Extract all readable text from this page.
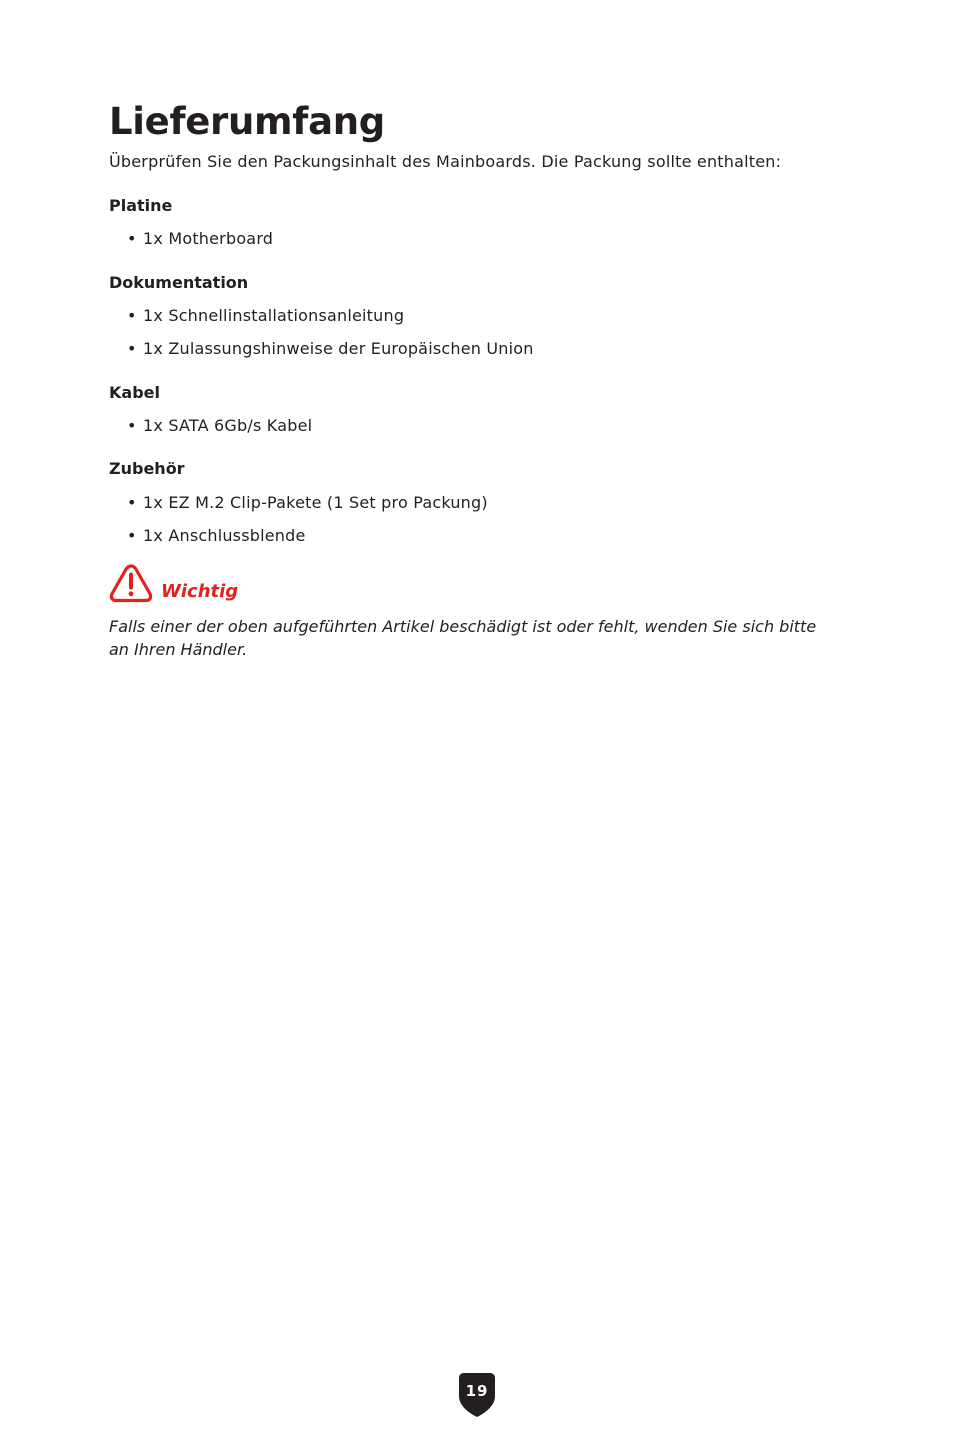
Lieferumfang

Überprüfen Sie den Packungsinhalt des Mainboards. Die Packung sollte enthalten:

Platine

• 1x Motherboard

Dokumentation

• 1x Schnellinstallationsanleitung

• 1x Zulassungshinweise der Europäischen Union

Kabel

• 1x SATA 6Gb/s Kabel

Zubehör

• 1x EZ M.2 Clip-Pakete (1 Set pro Packung)

• 1x Anschlussblende

Wichtig

Falls einer der oben aufgeführten Artikel beschädigt ist oder fehlt, wenden Sie sich bitte an Ihren Händler.

19
